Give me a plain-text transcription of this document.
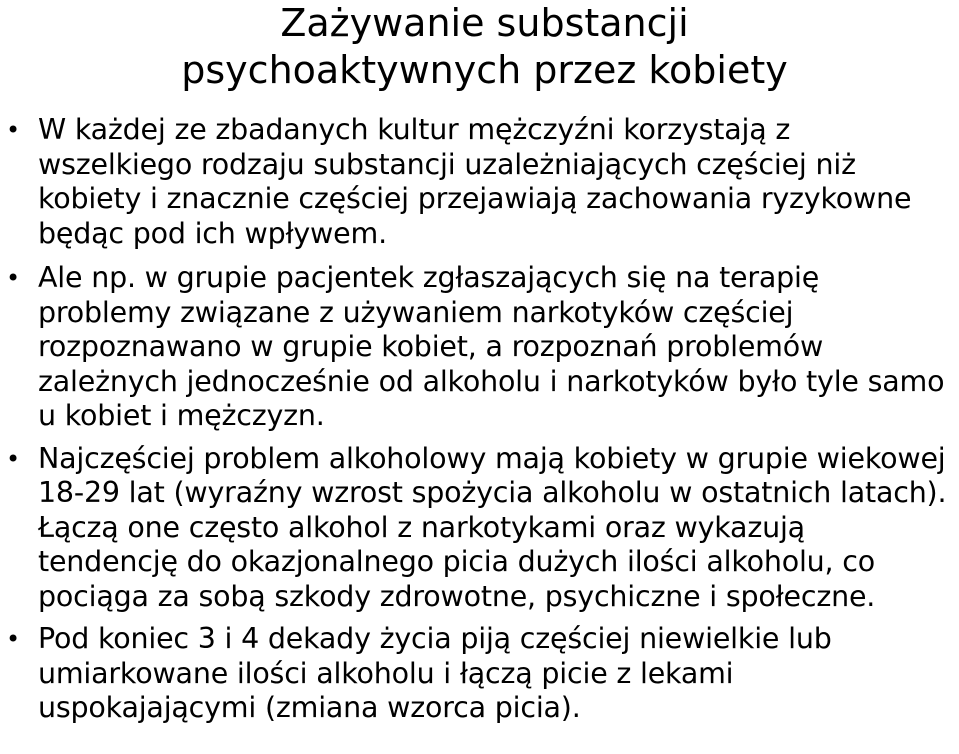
Zażywanie substancji
psychoaktywnych przez kobiety
• W każdej ze zbadanych kultur mężczyźni korzystają z wszelkiego rodzaju substancji uzależniających częściej niż kobiety i znacznie częściej przejawiają zachowania ryzykowne będąc pod ich wpływem.
• Ale np. w grupie pacjentek zgłaszających się na terapię problemy związane z używaniem narkotyków częściej rozpoznawano w grupie kobiet, a rozpoznań problemów zależnych jednocześnie od alkoholu i narkotyków było tyle samo u kobiet i mężczyzn.
• Najczęściej problem alkoholowy mają kobiety w grupie wiekowej 18-29 lat (wyraźny wzrost spożycia alkoholu w ostatnich latach). Łączą one często alkohol z narkotykami oraz wykazują tendencję do okazjonalnego picia dużych ilości alkoholu, co pociąga za sobą szkody zdrowotne, psychiczne i społeczne.
• Pod koniec 3 i 4 dekady życia piją częściej niewielkie lub umiarkowane ilości alkoholu i łączą picie z lekami uspokajającymi (zmiana wzorca picia).
